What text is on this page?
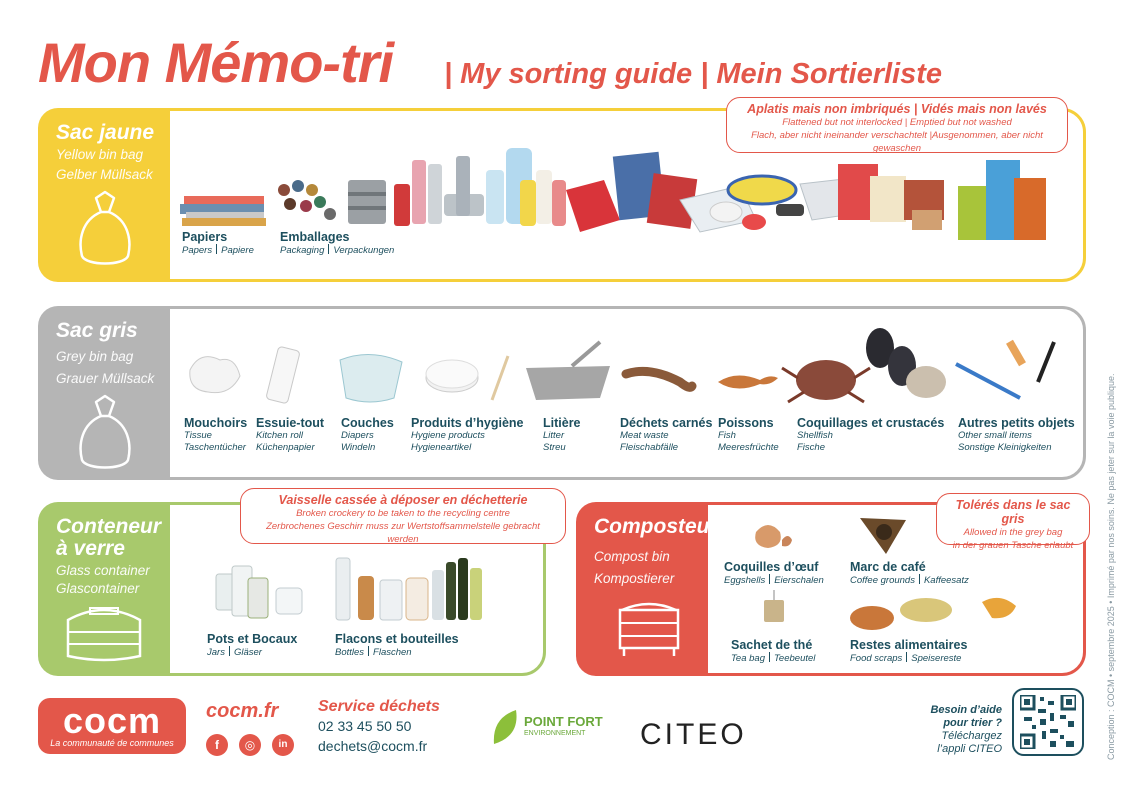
Mon Mémo-tri | My sorting guide | Mein Sortierliste
Sac jaune
Yellow bin bag
Gelber Müllsack
Aplatis mais non imbriqués | Vidés mais non lavés
Flattened but not interlocked | Emptied but not washed
Flach, aber nicht ineinander verschachtelt |Ausgenommen, aber nicht gewaschen
Papiers
Papers Papiere
Emballages
Packaging Verpackungen
Sac gris
Grey bin bag
Grauer Müllsack
Mouchoirs
Tissue
Taschentücher
Essuie-tout
Kitchen roll
Küchenpapier
Couches
Diapers
Windeln
Produits d’hygiène
Hygiene products
Hygieneartikel
Litière
Litter
Streu
Déchets carnés
Meat waste
Fleischabfälle
Poissons
Fish
Meeresfrüchte
Coquillages et crustacés
Shellfish
Fische
Autres petits objets
Other small items
Sonstige Kleinigkeiten
Conteneur
à verre
Glass container
Glascontainer
Vaisselle cassée à déposer en déchetterie
Broken crockery to be taken to the recycling centre
Zerbrochenes Geschirr muss zur Wertstoffsammelstelle gebracht werden
Pots et Bocaux
Jars Gläser
Flacons et bouteilles
Bottles Flaschen
Composteur
Compost bin
Kompostierer
Tolérés dans le sac gris
Allowed in the grey bag
in der grauen Tasche erlaubt
Coquilles d’œuf
Eggshells Eierschalen
Marc de café
Coffee grounds Kaffeesatz
Sachet de thé
Tea bag Teebeutel
Restes alimentaires
Food scraps Speisereste
cocm
La communauté de communes
cocm.fr
f	◎	in
Service déchets
02 33 45 50 50
dechets@cocm.fr
POINT FORT
ENVIRONNEMENT CITEO
Besoin d’aide
pour trier ?
Téléchargez
l’appli CITEO	Conception : COCM • septembre 2025 • Imprimé par nos soins. Ne pas jeter sur la voie publique.
